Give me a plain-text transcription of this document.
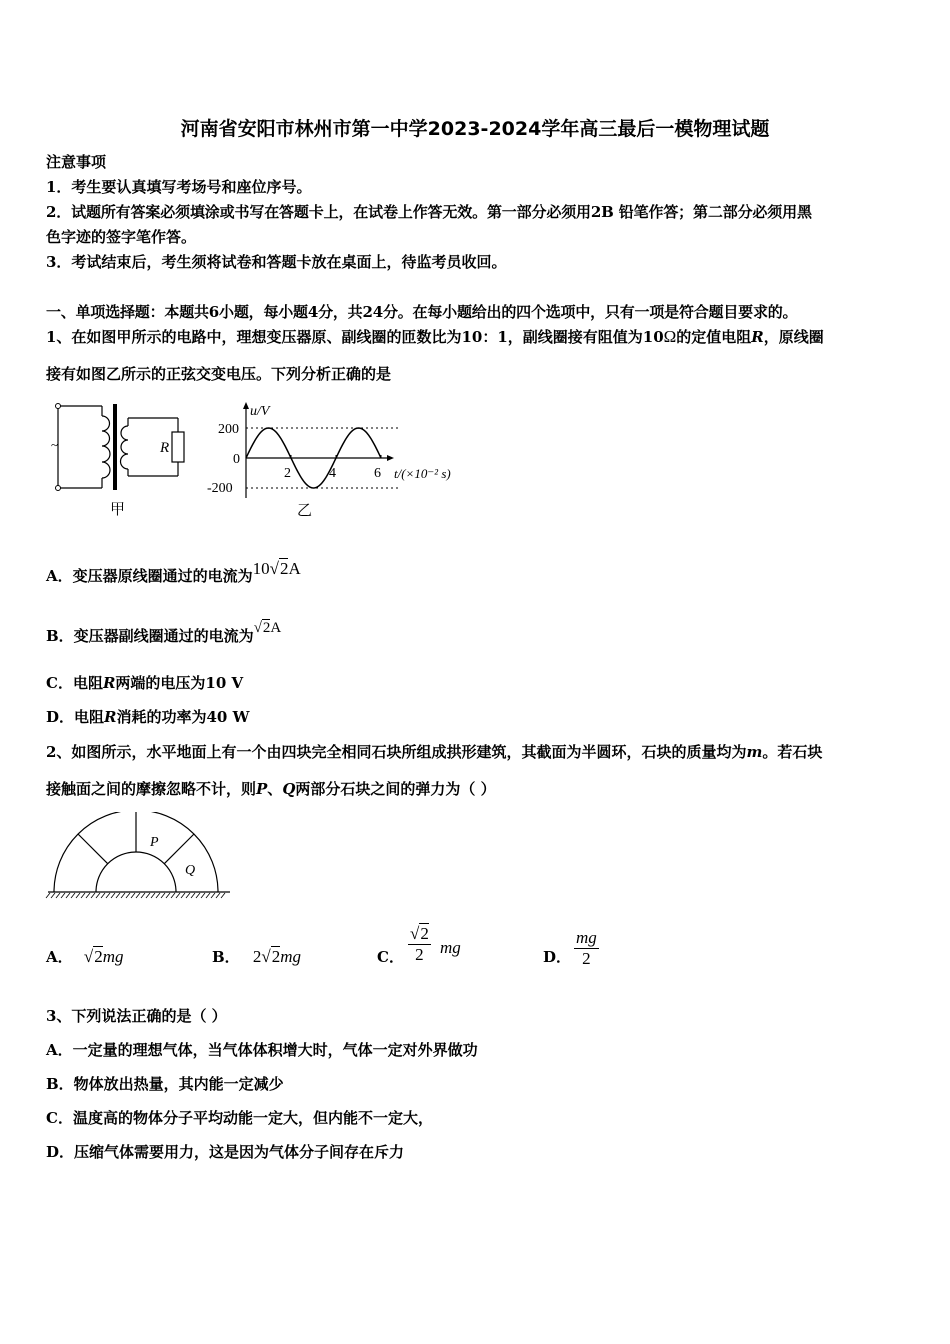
河南省安阳市林州市第一中学2023-2024学年高三最后一模物理试题
注意事项
1．考生要认真填写考场号和座位序号。
2．试题所有答案必须填涂或书写在答题卡上，在试卷上作答无效。第一部分必须用2B 铅笔作答；第二部分必须用黑
色字迹的签字笔作答。
3．考试结束后，考生须将试卷和答题卡放在桌面上，待监考员收回。
一、单项选择题：本题共6小题，每小题4分，共24分。在每小题给出的四个选项中，只有一项是符合题目要求的。
1、在如图甲所示的电路中，理想变压器原、副线圈的匝数比为10：1，副线圈接有阻值为10Ω的定值电阻R，原线圈
接有如图乙所示的正弦交变电压。下列分析正确的是
~	R
甲
u/V
t/(×10⁻² s)
200
0
-200
2	4	6
乙
A．变压器原线圈通过的电流为10√2A
B．变压器副线圈通过的电流为√2A
C．电阻R两端的电压为10 V
D．电阻R消耗的功率为40 W
2、如图所示，水平地面上有一个由四块完全相同石块所组成拱形建筑，其截面为半圆环，石块的质量均为m。若石块
接触面之间的摩擦忽略不计，则P、Q两部分石块之间的弹力为（ ）
P
Q
A． √2mg	B． 2√2mg	C． $\frac{√2}{2}$ mg	D． $\frac{mg}{2}$
3、下列说法正确的是（ ）
A．一定量的理想气体，当气体体积增大时，气体一定对外界做功
B．物体放出热量，其内能一定减少
C．温度高的物体分子平均动能一定大，但内能不一定大，
D．压缩气体需要用力，这是因为气体分子间存在斥力
